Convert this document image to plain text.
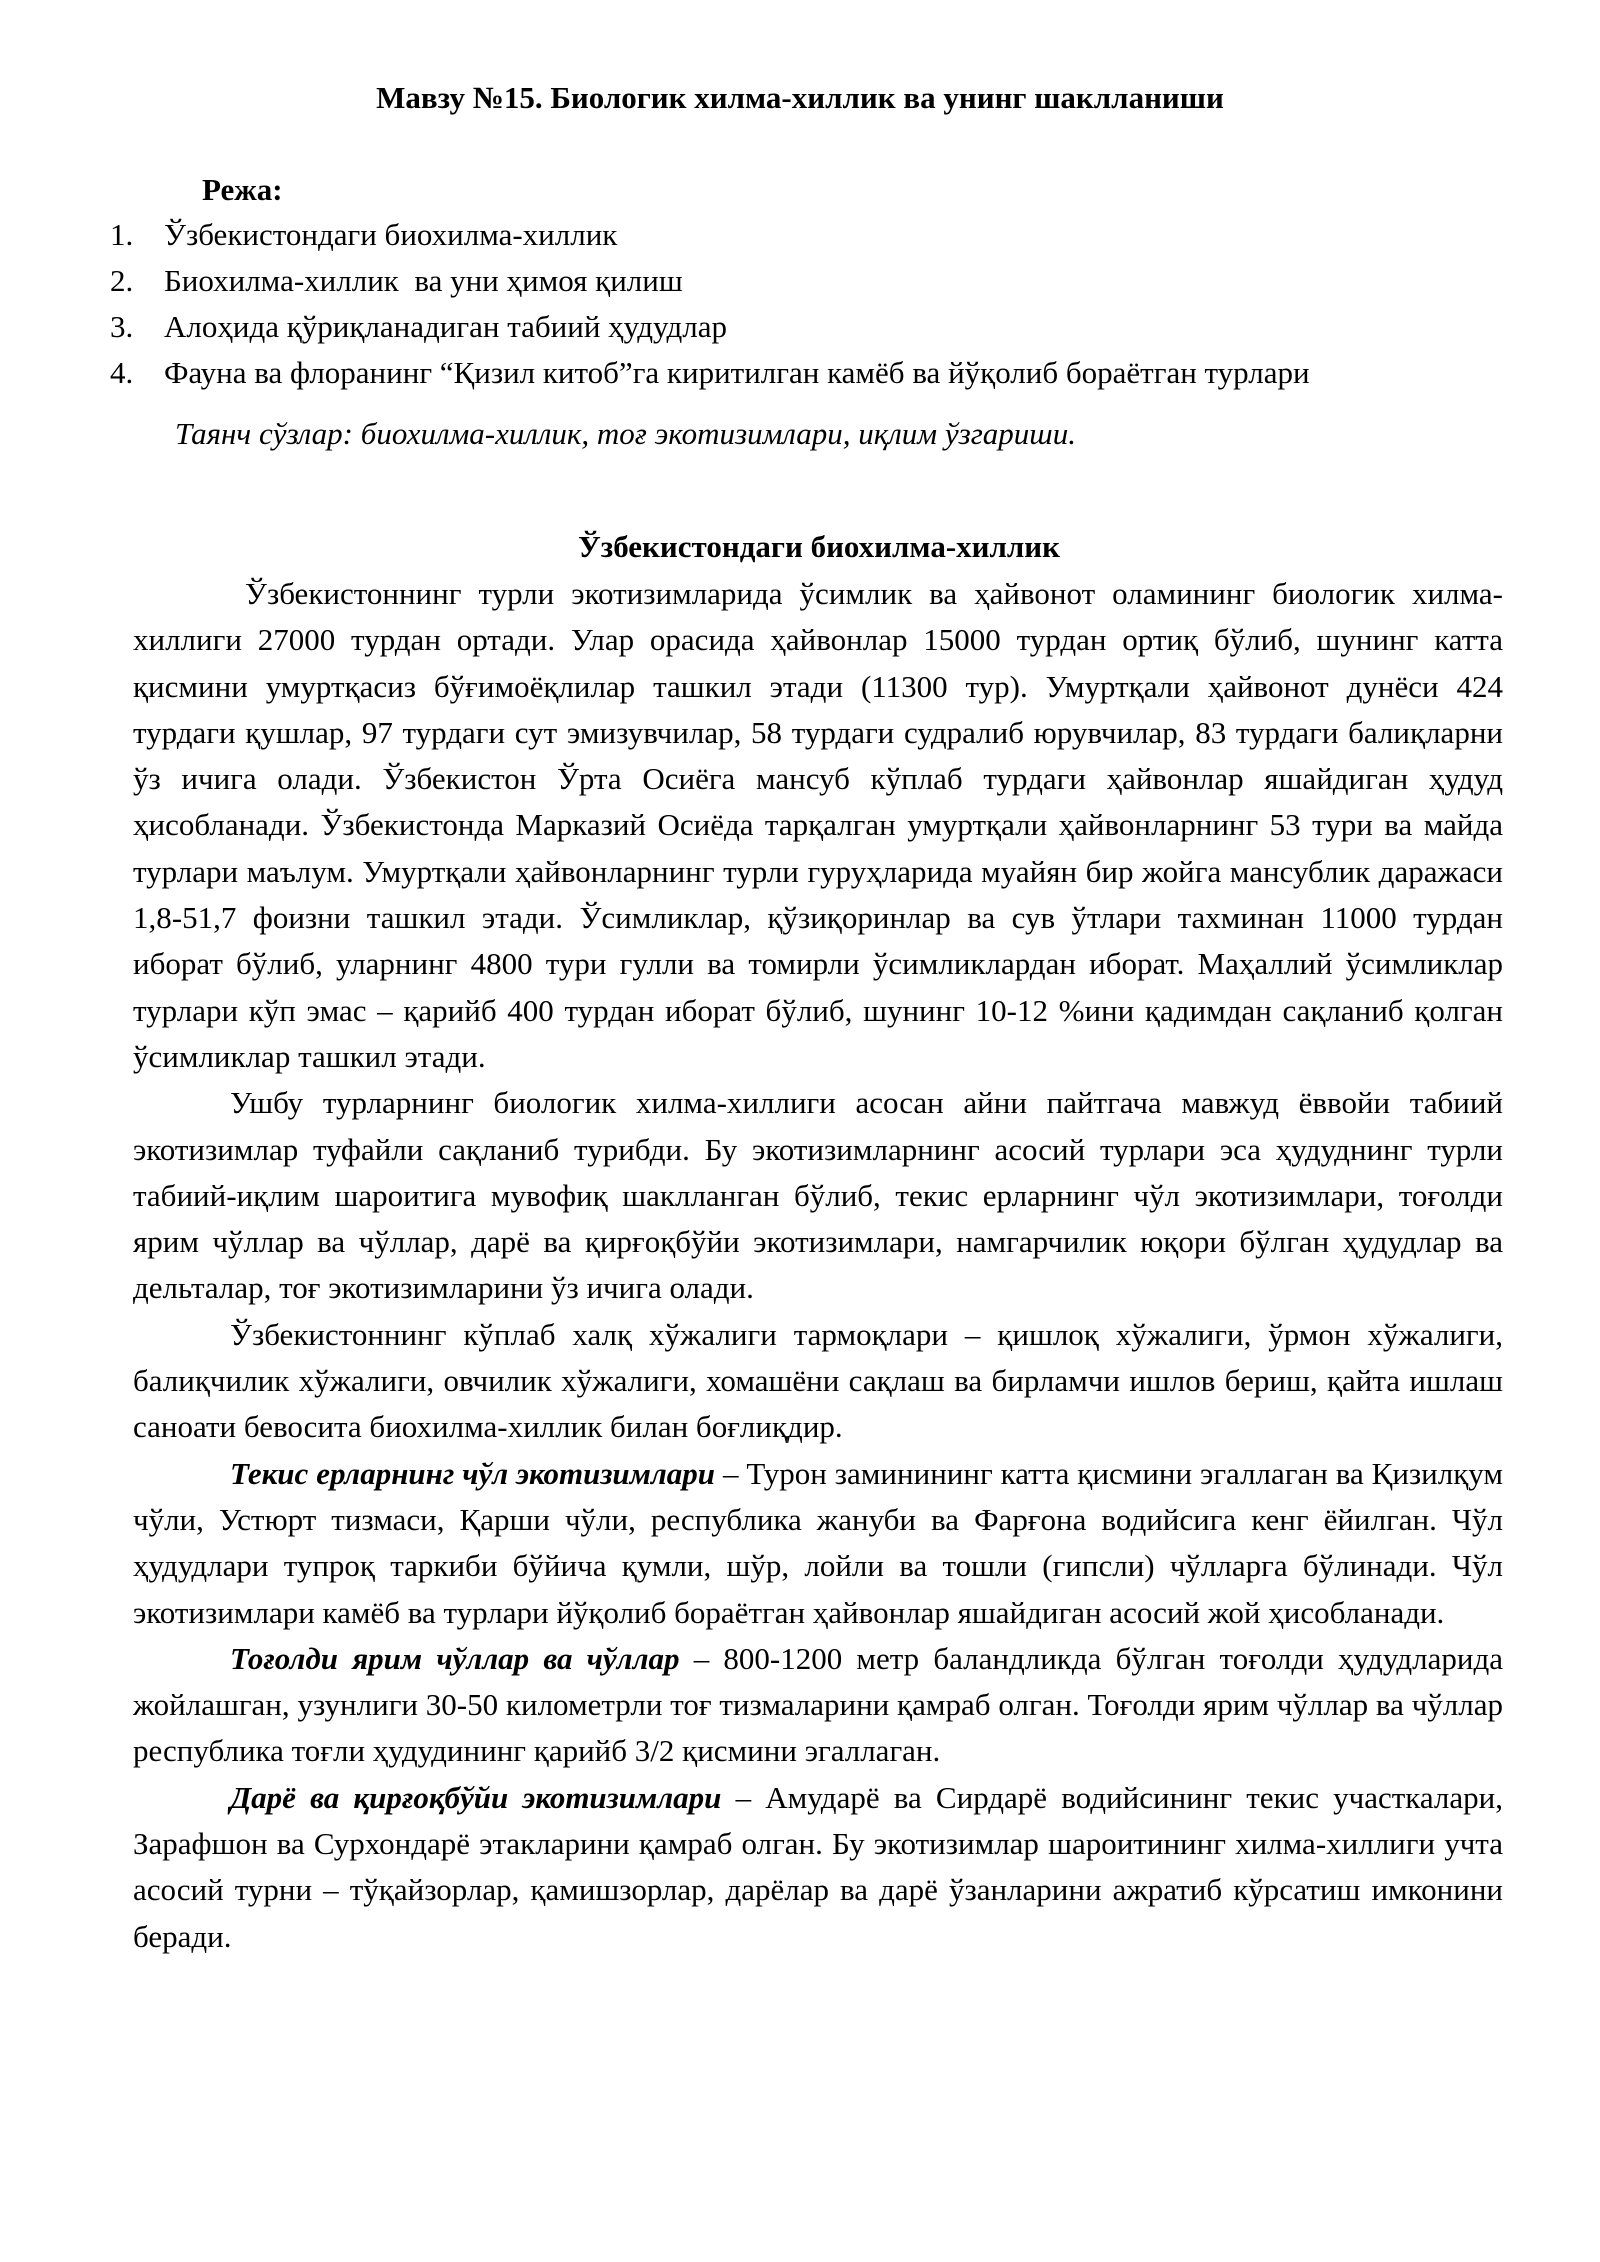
Мавзу №15. Биологик хилма-хиллик ва унинг шаклланиши
Режа:
1. Ўзбекистондаги биохилма-хиллик
2. Биохилма-хиллик  ва уни ҳимоя қилиш
3. Алоҳида қўриқланадиган табиий ҳудудлар
4. Фауна ва флоранинг “Қизил китоб”га киритилган камёб ва йўқолиб бораётган турлари
Таянч сўзлар: биохилма-хиллик, тоғ экотизимлари, иқлим ўзгариши.
Ўзбекистондаги биохилма-хиллик

Ўзбекистоннинг турли экотизимларида ўсимлик ва ҳайвонот оламининг биологик хилма-хиллиги 27000 турдан ортади. Улар орасида ҳайвонлар 15000 турдан ортиқ бўлиб, шунинг катта қисмини умуртқасиз бўғимоёқлилар ташкил этади (11300 тур). Умуртқали ҳайвонот дунёси 424 турдаги қушлар, 97 турдаги сут эмизувчилар, 58 турдаги судралиб юрувчилар, 83 турдаги балиқларни ўз ичига олади. Ўзбекистон Ўрта Осиёга мансуб кўплаб турдаги ҳайвонлар яшайдиган ҳудуд ҳисобланади. Ўзбекистонда Марказий Осиёда тарқалган умуртқали ҳайвонларнинг 53 тури ва майда турлари маълум. Умуртқали ҳайвонларнинг турли гуруҳларида муайян бир жойга мансублик даражаси 1,8-51,7 фоизни ташкил этади. Ўсимликлар, қўзиқоринлар ва сув ўтлари тахминан 11000 турдан иборат бўлиб, уларнинг 4800 тури гулли ва томирли ўсимликлардан иборат. Маҳаллий ўсимликлар турлари кўп эмас – қарийб 400 турдан иборат бўлиб, шунинг 10-12 %ини қадимдан сақланиб қолган ўсимликлар ташкил этади.

Ушбу турларнинг биологик хилма-хиллиги асосан айни пайтгача мавжуд ёввойи табиий экотизимлар туфайли сақланиб турибди. Бу экотизимларнинг асосий турлари эса ҳудуднинг турли табиий-иқлим шароитига мувофиқ шаклланган бўлиб, текис ерларнинг чўл экотизимлари, тоғолди ярим чўллар ва чўллар, дарё ва қирғоқбўйи экотизимлари, намгарчилик юқори бўлган ҳудудлар ва дельталар, тоғ экотизимларини ўз ичига олади.

Ўзбекистоннинг кўплаб халқ хўжалиги тармоқлари – қишлоқ хўжалиги, ўрмон хўжалиги, балиқчилик хўжалиги, овчилик хўжалиги, хомашёни сақлаш ва бирламчи ишлов бериш, қайта ишлаш саноати бевосита биохилма-хиллик билан боғлиқдир.

Текис ерларнинг чўл экотизимлари – Турон заминининг катта қисмини эгаллаган ва Қизилқум чўли, Устюрт тизмаси, Қарши чўли, республика жануби ва Фарғона водийсига кенг ёйилган. Чўл ҳудудлари тупроқ таркиби бўйича қумли, шўр, лойли ва тошли (гипсли) чўлларга бўлинади. Чўл экотизимлари камёб ва турлари йўқолиб бораётган ҳайвонлар яшайдиган асосий жой ҳисобланади.

Тоғолди ярим чўллар ва чўллар – 800-1200 метр баландликда бўлган тоғолди ҳудудларида жойлашган, узунлиги 30-50 километрли тоғ тизмаларини қамраб олган. Тоғолди ярим чўллар ва чўллар республика тоғли ҳудудининг қарийб 3/2 қисмини эгаллаган.

Дарё ва қирғоқбўйи экотизимлари – Амударё ва Сирдарё водийсининг текис участкалари, Зарафшон ва Сурхондарё этакларини қамраб олган. Бу экотизимлар шароитининг хилма-хиллиги учта асосий турни – тўқайзорлар, қамишзорлар, дарёлар ва дарё ўзанларини ажратиб кўрсатиш имконини беради.
